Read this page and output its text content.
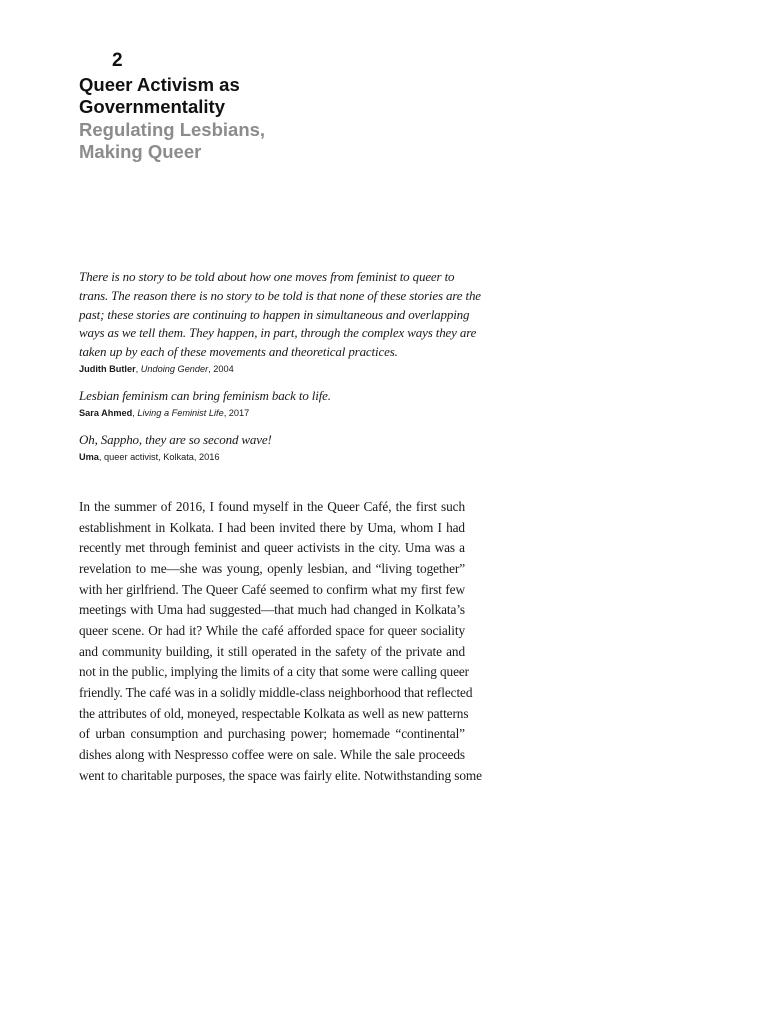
2
Queer Activism as
Governmentality
Regulating Lesbians,
Making Queer
There is no story to be told about how one moves from feminist to queer to
trans. The reason there is no story to be told is that none of these stories are the
past; these stories are continuing to happen in simultaneous and overlapping
ways as we tell them. They happen, in part, through the complex ways they are
taken up by each of these movements and theoretical practices.
Judith Butler, Undoing Gender, 2004
Lesbian feminism can bring feminism back to life.
Sara Ahmed, Living a Feminist Life, 2017
Oh, Sappho, they are so second wave!
Uma, queer activist, Kolkata, 2016
In the summer of 2016, I found myself in the Queer Café, the first such
establishment in Kolkata. I had been invited there by Uma, whom I had
recently met through feminist and queer activists in the city. Uma was a
revelation to me—she was young, openly lesbian, and “living together”
with her girlfriend. The Queer Café seemed to confirm what my first few
meetings with Uma had suggested—that much had changed in Kolkata’s
queer scene. Or had it? While the café afforded space for queer sociality
and community building, it still operated in the safety of the private and
not in the public, implying the limits of a city that some were calling queer
friendly. The café was in a solidly middle-class neighborhood that reflected
the attributes of old, moneyed, respectable Kolkata as well as new patterns
of urban consumption and purchasing power; homemade “continental”
dishes along with Nespresso coffee were on sale. While the sale proceeds
went to charitable purposes, the space was fairly elite. Notwithstanding some
